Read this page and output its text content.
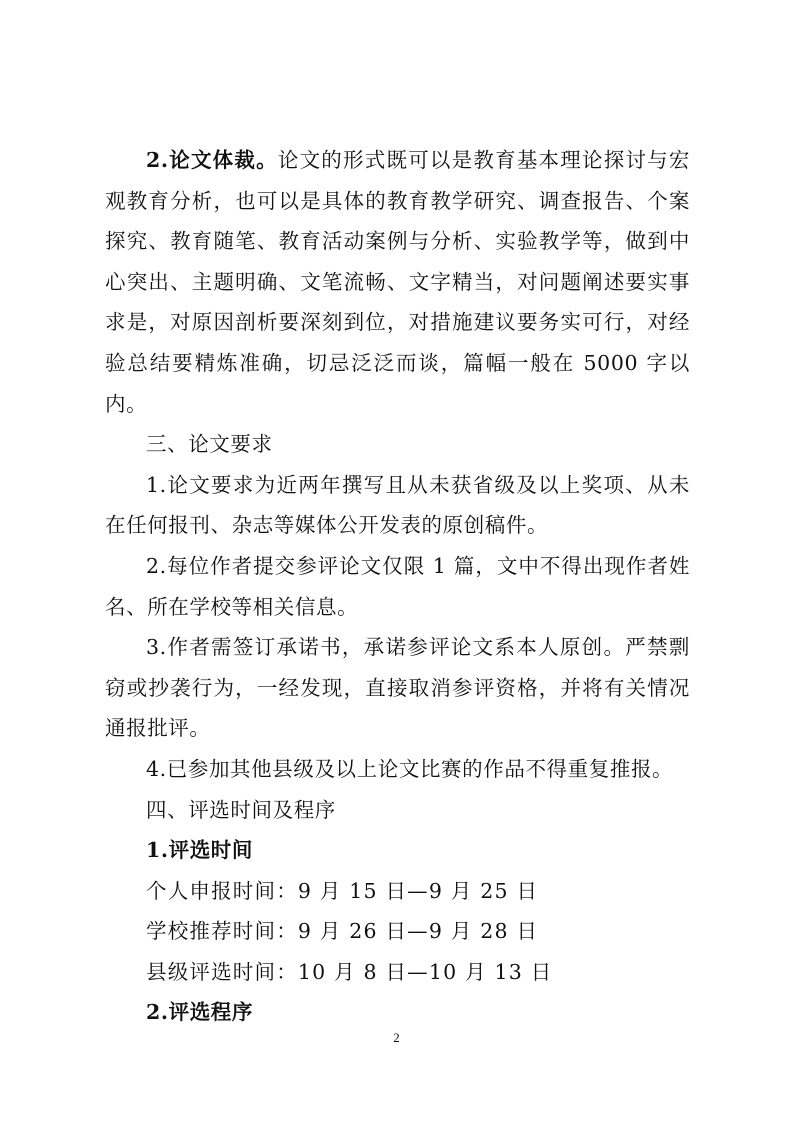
2.论文体裁。论文的形式既可以是教育基本理论探讨与宏观教育分析，也可以是具体的教育教学研究、调查报告、个案探究、教育随笔、教育活动案例与分析、实验教学等，做到中心突出、主题明确、文笔流畅、文字精当，对问题阐述要实事求是，对原因剖析要深刻到位，对措施建议要务实可行，对经验总结要精炼准确，切忌泛泛而谈，篇幅一般在 5000 字以内。

三、论文要求

1.论文要求为近两年撰写且从未获省级及以上奖项、从未在任何报刊、杂志等媒体公开发表的原创稿件。

2.每位作者提交参评论文仅限 1 篇，文中不得出现作者姓名、所在学校等相关信息。

3.作者需签订承诺书，承诺参评论文系本人原创。严禁剽窃或抄袭行为，一经发现，直接取消参评资格，并将有关情况通报批评。

4.已参加其他县级及以上论文比赛的作品不得重复推报。

四、评选时间及程序

1.评选时间

个人申报时间：9 月 15 日—9 月 25 日

学校推荐时间：9 月 26 日—9 月 28 日

县级评选时间：10 月 8 日—10 月 13 日

2.评选程序

2
